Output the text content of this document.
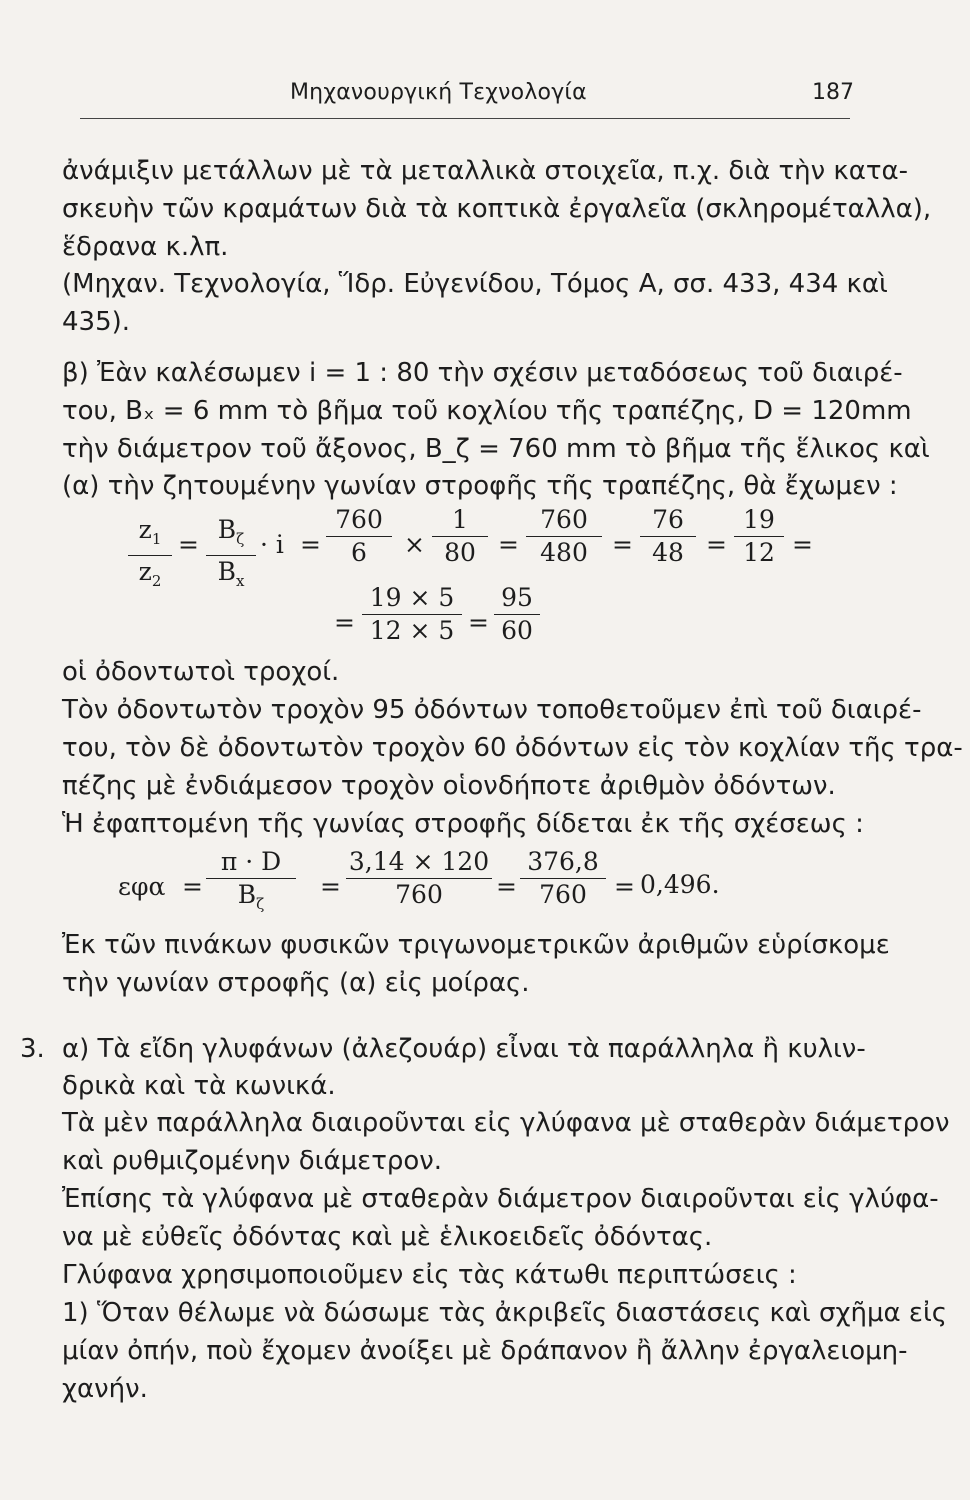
Μηχανουργική Τεχνολογία	187
ἀνάμιξιν μετάλλων μὲ τὰ μεταλλικὰ στοιχεῖα, π.χ. διὰ τὴν κατα-
σκευὴν τῶν κραμάτων διὰ τὰ κοπτικὰ ἐργαλεῖα (σκληρομέταλλα),
ἕδρανα κ.λπ.
(Μηχαν. Τεχνολογία, Ἵδρ. Εὐγενίδου, Τόμος Α, σσ. 433, 434 καὶ
435).
β) Ἐὰν καλέσωμεν i = 1 : 80 τὴν σχέσιν μεταδόσεως τοῦ διαιρέ-
του, Bₓ = 6 mm τὸ βῆμα τοῦ κοχλίου τῆς τραπέζης, D = 120mm
τὴν διάμετρον τοῦ ἄξονος, B_ζ = 760 mm τὸ βῆμα τῆς ἕλικος καὶ
(α) τὴν ζητουμένην γωνίαν στροφῆς τῆς τραπέζης, θὰ ἔχωμεν :
$z_1$
$z_2$
=
$B_\zeta$
$B_x$
· i =
760
6	×
1
80 =
760
480 =
76
48 =
19
12 =
=
19 × 5
12 × 5 =
95
60
οἱ ὀδοντωτοὶ τροχοί.
Τὸν ὀδοντωτὸν τροχὸν 95 ὀδόντων τοποθετοῦμεν ἐπὶ τοῦ διαιρέ-
του, τὸν δὲ ὀδοντωτὸν τροχὸν 60 ὀδόντων εἰς τὸν κοχλίαν τῆς τρα-
πέζης μὲ ἐνδιάμεσον τροχὸν οἱονδήποτε ἀριθμὸν ὀδόντων.
Ἡ ἐφαπτομένη τῆς γωνίας στροφῆς δίδεται ἐκ τῆς σχέσεως :
εφα =
π · D
$B_\zeta$
=
3,14 × 120
760	=
376,8
760	= 0,496.
Ἐκ τῶν πινάκων φυσικῶν τριγωνομετρικῶν ἀριθμῶν εὑρίσκομε
τὴν γωνίαν στροφῆς (α) εἰς μοίρας.
3. α) Τὰ εἴδη γλυφάνων (ἀλεζουάρ) εἶναι τὰ παράλληλα ἢ κυλιν-
δρικὰ καὶ τὰ κωνικά.
Τὰ μὲν παράλληλα διαιροῦνται εἰς γλύφανα μὲ σταθερὰν διάμετρον
καὶ ρυθμιζομένην διάμετρον.
Ἐπίσης τὰ γλύφανα μὲ σταθερὰν διάμετρον διαιροῦνται εἰς γλύφα-
να μὲ εὐθεῖς ὀδόντας καὶ μὲ ἑλικοειδεῖς ὀδόντας.
Γλύφανα χρησιμοποιοῦμεν εἰς τὰς κάτωθι περιπτώσεις :
1) Ὅταν θέλωμε νὰ δώσωμε τὰς ἀκριβεῖς διαστάσεις καὶ σχῆμα εἰς
μίαν ὀπήν, ποὺ ἔχομεν ἀνοίξει μὲ δράπανον ἢ ἄλλην ἐργαλειομη-
χανήν.
